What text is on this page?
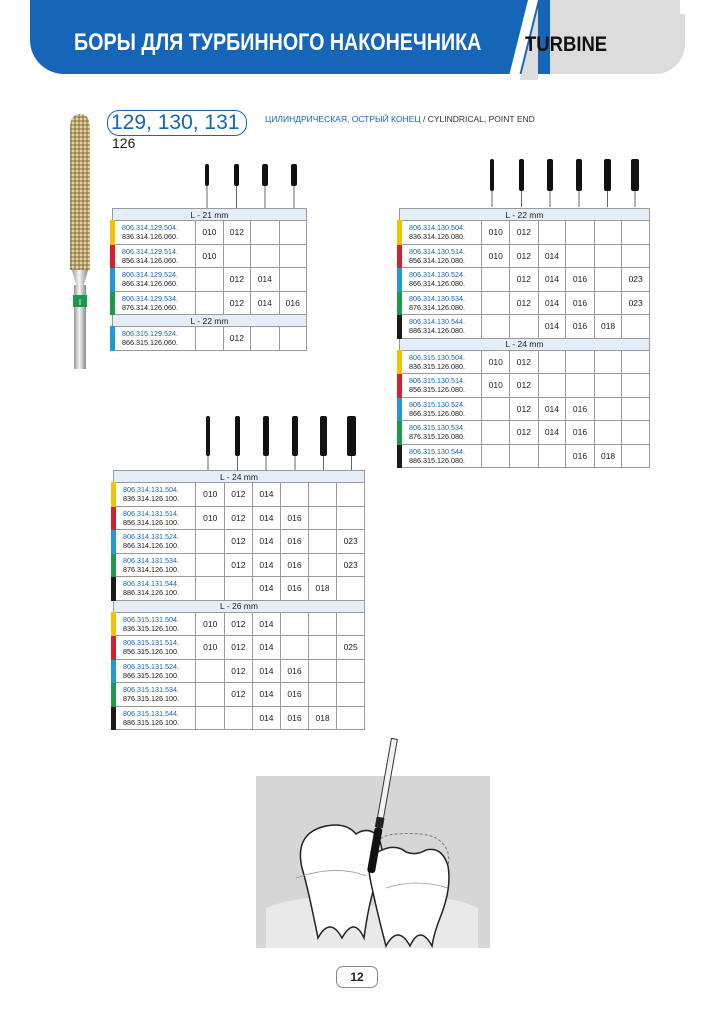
БОРЫ ДЛЯ ТУРБИННОГО НАКОНЕЧНИКА TURBINE
129, 130, 131
126
ЦИЛИНДРИЧЕСКАЯ, ОСТРЫЙ КОНЕЦ / CYLINDRICAL, POINT END
I
L - 21 mm				

806.314.129.504.
836.314.126.060.	010	012		

806.314.129.514.
856.314.126.060.	010			

806.314.129.524.
866.314.126.060.		012	014	

806.314.129.534.
876.314.126.060.		012	014	016
L - 22 mm				

806.315.129.524.
866.315.126.060.		012		
L - 22 mm						

806.314.130.504.
836.314.126.080.	010	012				

806.314.130.514.
856.314.126.080.	010	012	014			

806.314.130.524.
866.314.126.080.		012	014	016		023

806.314.130.534.
876.314.126.080.		012	014	016		023

806.314.130.544.
886.314.126.080.			014	016	018	
L - 24 mm						

806.315.130.504.
836.315.126.080.	010	012				

806.315.130.514.
856.315.126.080.	010	012				

806.315.130.524.
866.315.126.080.		012	014	016		

806.315.130.534.
876.315.126.080.		012	014	016		

806.315.130.544.
886.315.126.080.				016	018	
L - 24 mm						

806.314.131.504.
836.314.126.100.	010	012	014			

806.314.131.514.
856.314.126.100.	010	012	014	016		

806.314.131.524.
866.314.126.100.		012	014	016		023

806.314.131.534.
876.314.126.100.		012	014	016		023

806.314.131.544.
886.314.126.100.			014	016	018	
L - 26 mm						

806.315.131.504.
836.315.126.100.	010	012	014			

806.315.131.514.
856.315.126.100.	010	012	014			025

806.315.131.524.
866.315.126.100.		012	014	016		

806.315.131.534.
876.315.126.100.		012	014	016		

806.315.131.544.
886.315.126.100.			014	016	018	
12
